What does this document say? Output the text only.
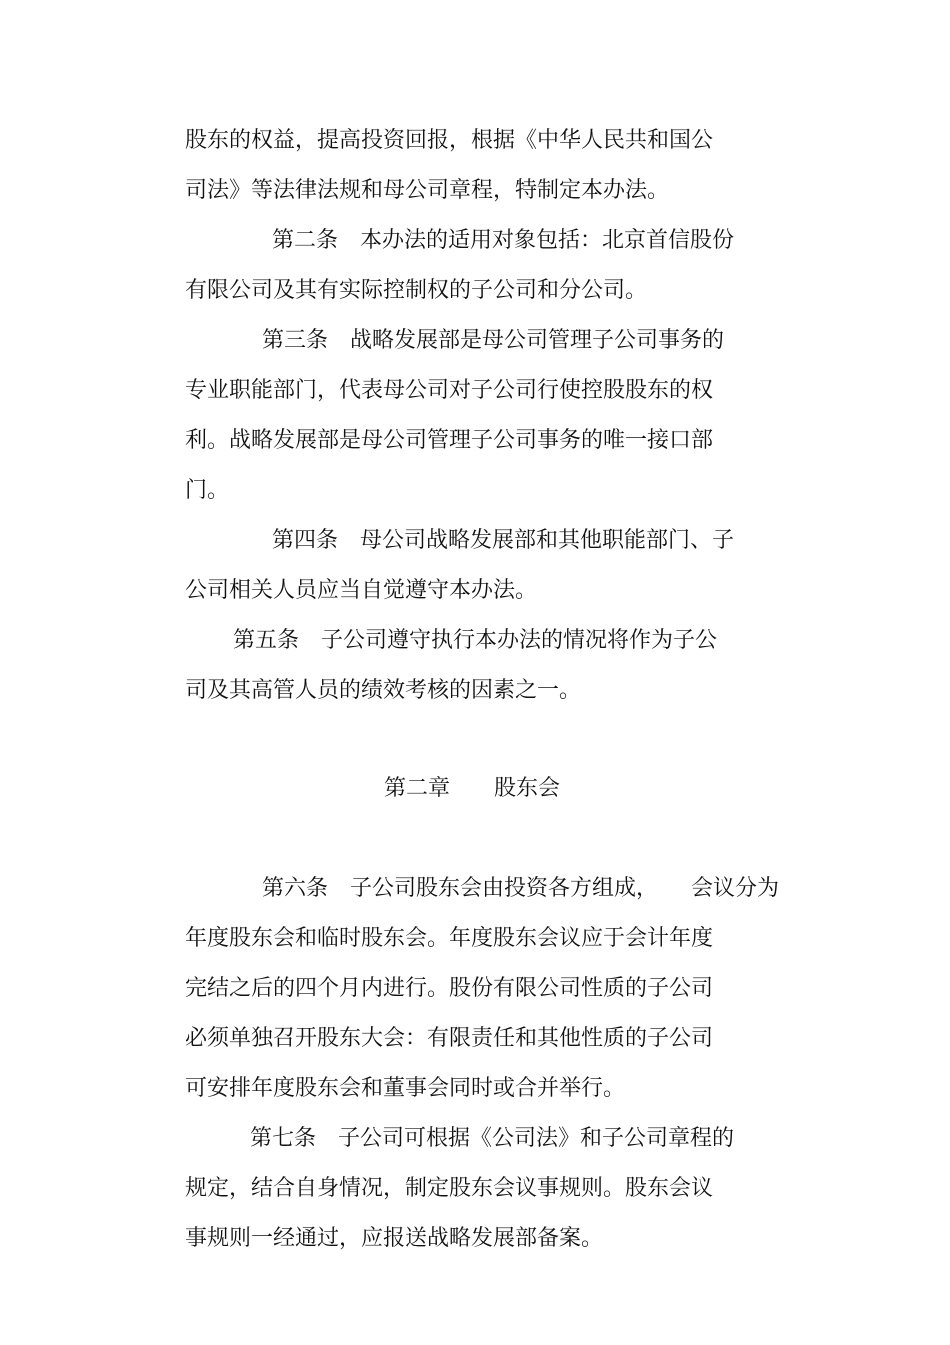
股东的权益，提高投资回报，根据《中华人民共和国公

司法》等法律法规和母公司章程，特制定本办法。

第二条　本办法的适用对象包括：北京首信股份

有限公司及其有实际控制权的子公司和分公司。

第三条　战略发展部是母公司管理子公司事务的

专业职能部门，代表母公司对子公司行使控股股东的权

利。战略发展部是母公司管理子公司事务的唯一接口部

门。

第四条　母公司战略发展部和其他职能部门、子

公司相关人员应当自觉遵守本办法。

第五条　子公司遵守执行本办法的情况将作为子公

司及其高管人员的绩效考核的因素之一。

第二章　　股东会

第六条　子公司股东会由投资各方组成，　　会议分为

年度股东会和临时股东会。年度股东会议应于会计年度

完结之后的四个月内进行。股份有限公司性质的子公司

必须单独召开股东大会：有限责任和其他性质的子公司

可安排年度股东会和董事会同时或合并举行。

第七条　子公司可根据《公司法》和子公司章程的

规定，结合自身情况，制定股东会议事规则。股东会议

事规则一经通过，应报送战略发展部备案。
